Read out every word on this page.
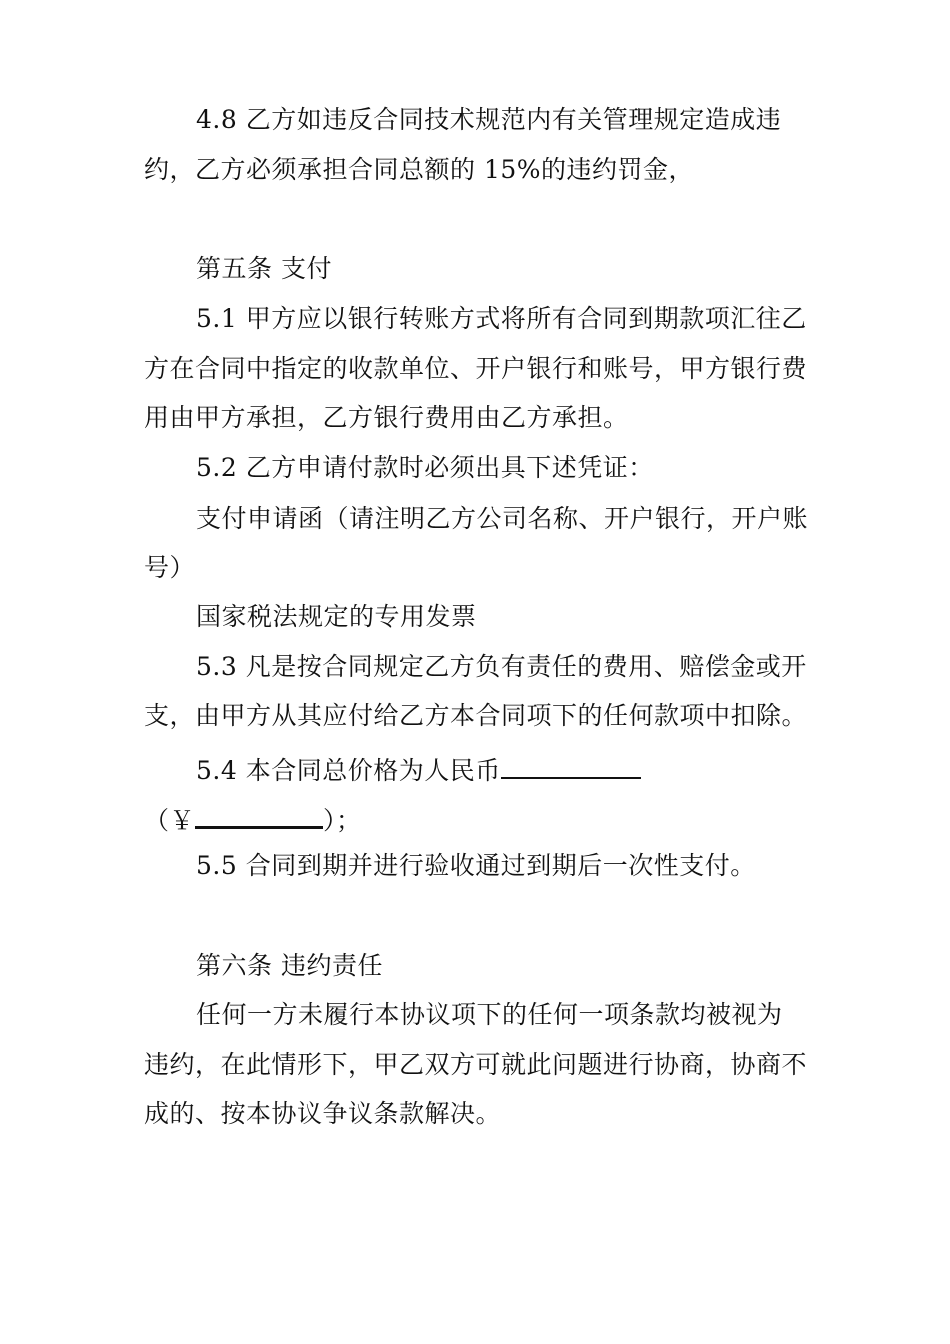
4.8 乙方如违反合同技术规范内有关管理规定造成违
约，乙方必须承担合同总额的 15%的违约罚金，
第五条 支付
5.1 甲方应以银行转账方式将所有合同到期款项汇往乙
方在合同中指定的收款单位、开户银行和账号，甲方银行费
用由甲方承担，乙方银行费用由乙方承担。
5.2 乙方申请付款时必须出具下述凭证：
支付申请函（请注明乙方公司名称、开户银行，开户账
号）
国家税法规定的专用发票
5.3 凡是按合同规定乙方负有责任的费用、赔偿金或开
支，由甲方从其应付给乙方本合同项下的任何款项中扣除。
5.4 本合同总价格为人民币
（￥	）；
5.5 合同到期并进行验收通过到期后一次性支付。
第六条 违约责任
任何一方未履行本协议项下的任何一项条款均被视为
违约，在此情形下，甲乙双方可就此问题进行协商，协商不
成的、按本协议争议条款解决。
